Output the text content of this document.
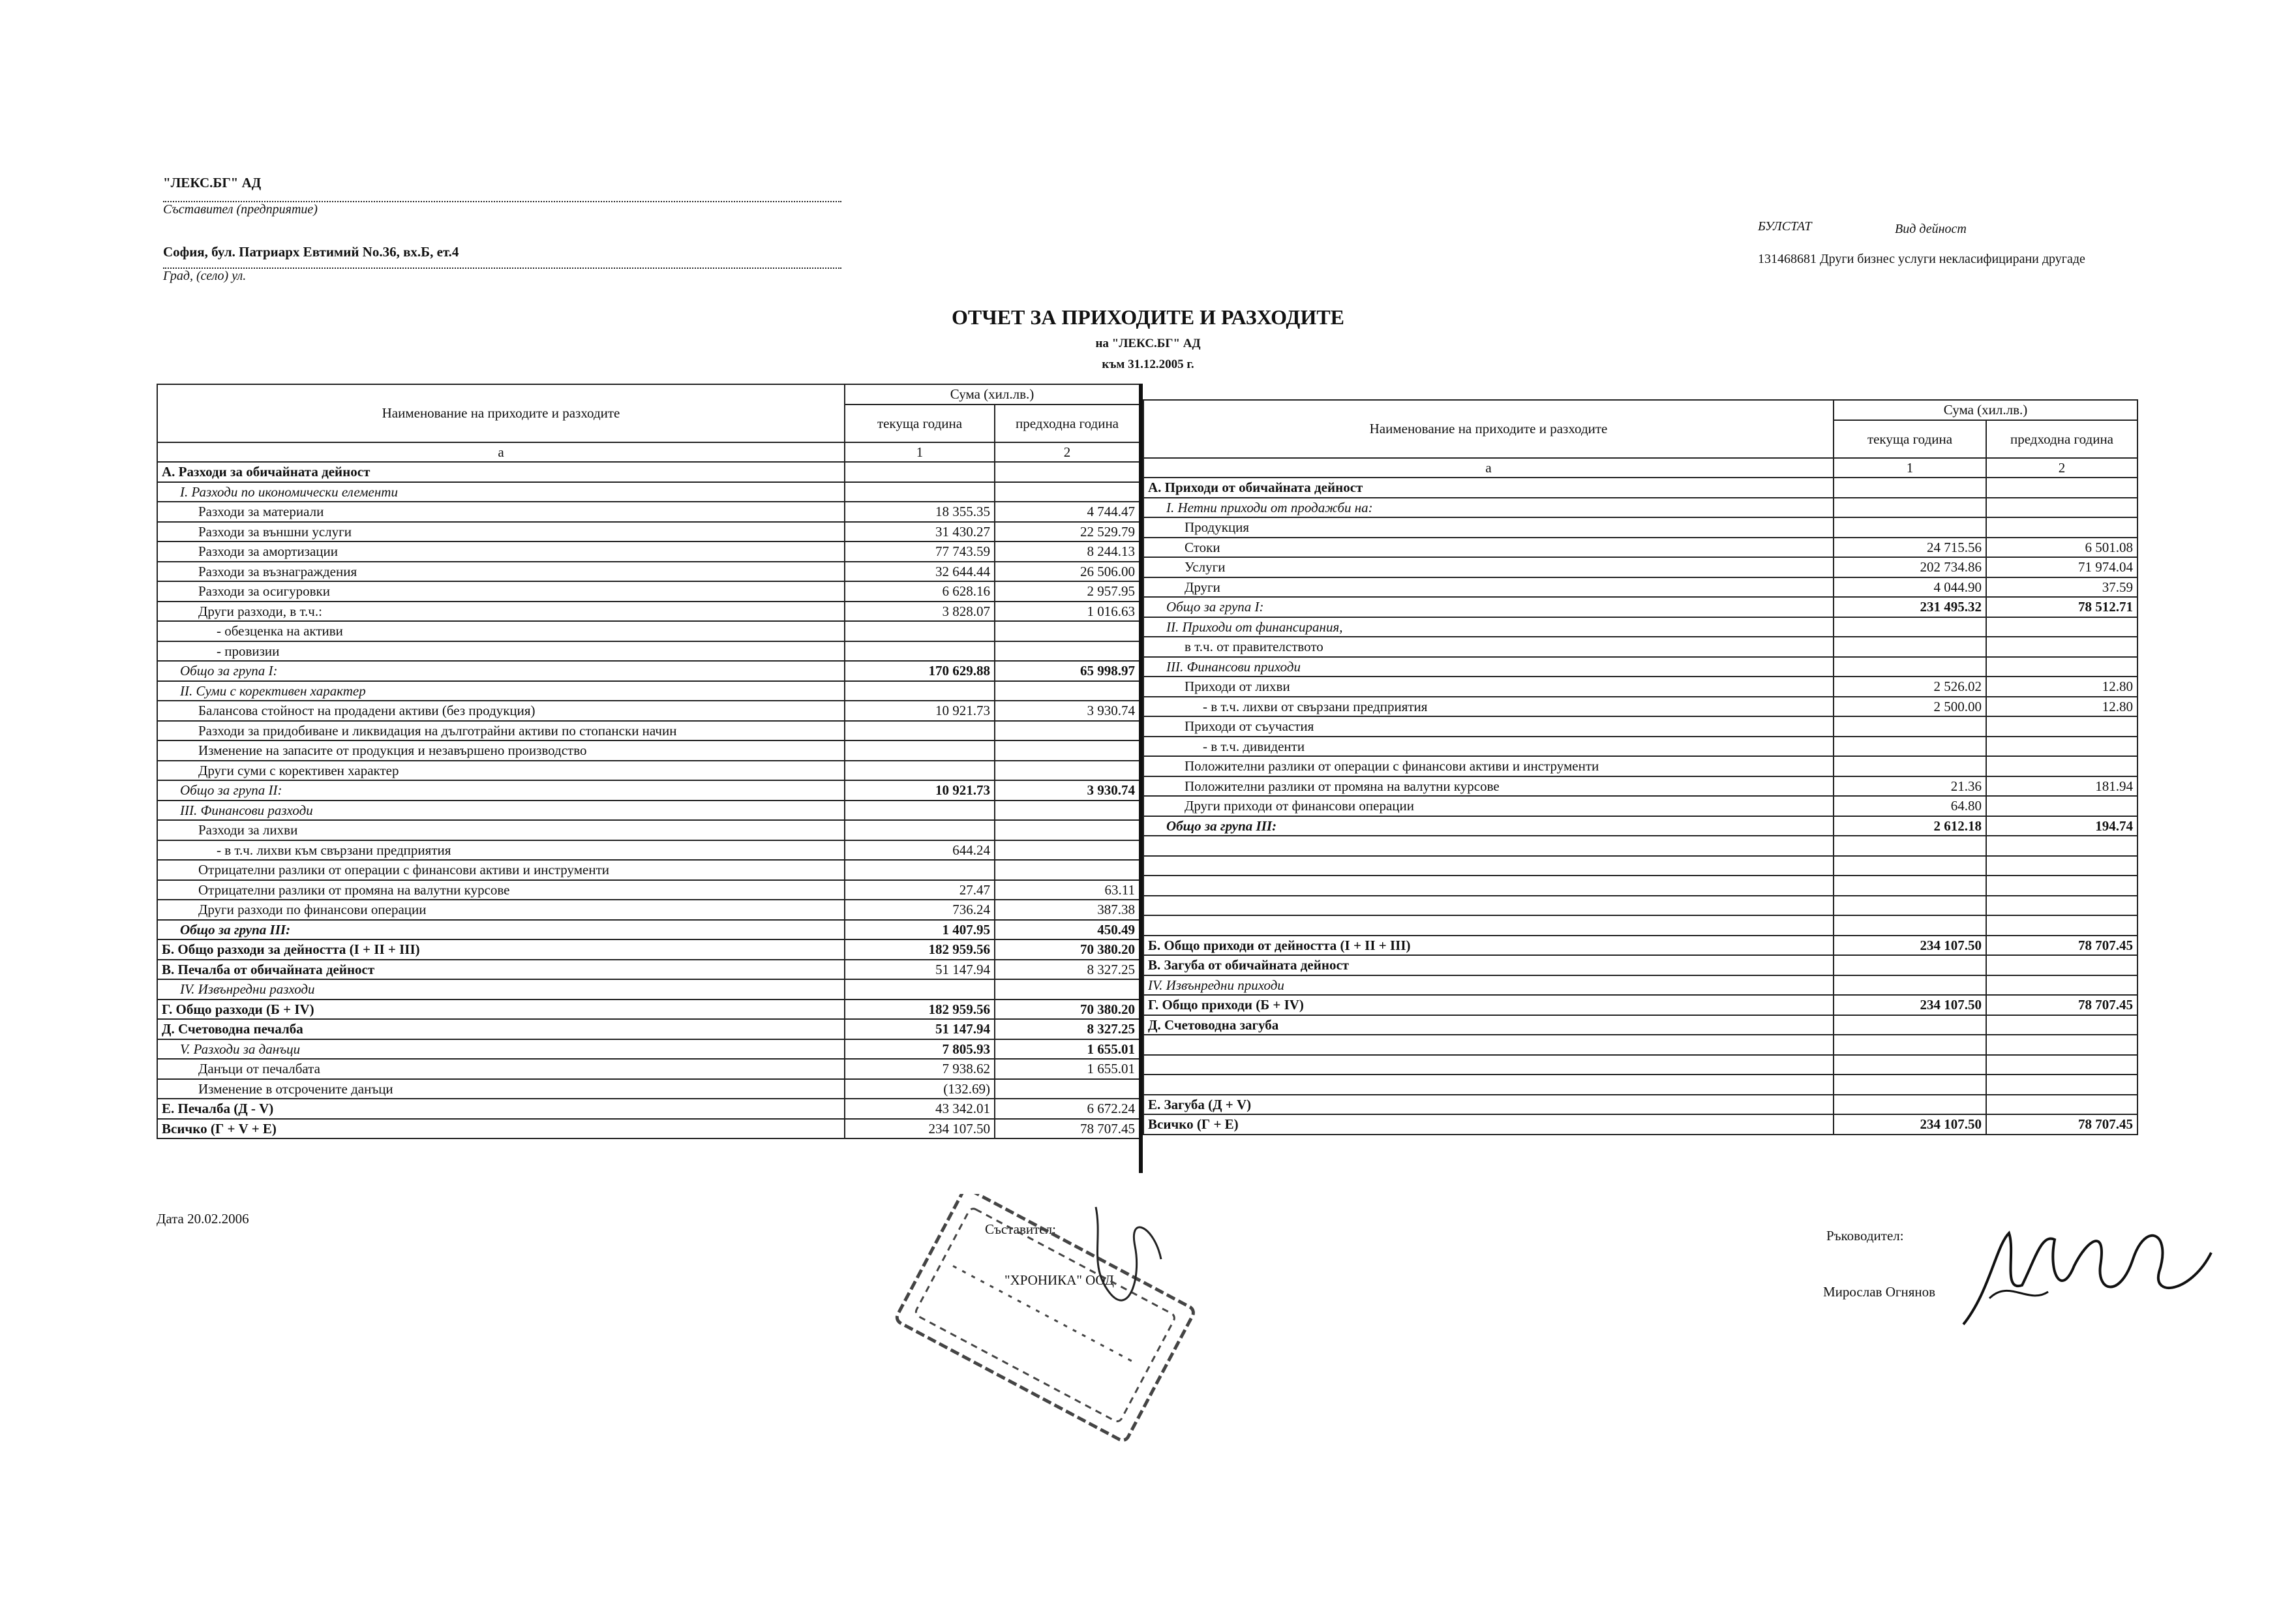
"ЛЕКС.БГ" АД
Съставител (предприятие)
София, бул. Патриарх Евтимий No.36, вх.Б, ет.4
Град, (село) ул.
БУЛСТАТ	Вид дейност
131468681 Други бизнес услуги некласифицирани другаде
ОТЧЕТ ЗА ПРИХОДИТЕ И РАЗХОДИТЕ
на "ЛЕКС.БГ" АД
към 31.12.2005 г.
Наименование на приходите и разходите	Сума (хил.лв.)	
	текуща година	предходна година
а	1	2
А. Разходи за обичайната дейност		
I. Разходи по икономически елементи		
Разходи за материали	18 355.35	4 744.47
Разходи за външни услуги	31 430.27	22 529.79
Разходи за амортизации	77 743.59	8 244.13
Разходи за възнаграждения	32 644.44	26 506.00
Разходи за осигуровки	6 628.16	2 957.95
Други разходи, в т.ч.:	3 828.07	1 016.63
- обезценка на активи		
- провизии		
Общо за група I:	170 629.88	65 998.97
II. Суми с корективен характер		
Балансова стойност на продадени активи (без продукция)	10 921.73	3 930.74
Разходи за придобиване и ликвидация на дълготрайни активи по стопански начин		
Изменение на запасите от продукция и незавършено производство		
Други суми с корективен характер		
Общо за група II:	10 921.73	3 930.74
III. Финансови разходи		
Разходи за лихви		
- в т.ч. лихви към свързани предприятия	644.24	
Отрицателни разлики от операции с финансови активи и инструменти		
Отрицателни разлики от промяна на валутни курсове	27.47	63.11
Други разходи по финансови операции	736.24	387.38
Общо за група III:	1 407.95	450.49
Б. Общо разходи за дейността (I + II + III)	182 959.56	70 380.20
В. Печалба от обичайната дейност	51 147.94	8 327.25
IV. Извънредни разходи		
Г. Общо разходи (Б + IV)	182 959.56	70 380.20
Д. Счетоводна печалба	51 147.94	8 327.25
V. Разходи за данъци	7 805.93	1 655.01
Данъци от печалбата	7 938.62	1 655.01
Изменение в отсрочените данъци	(132.69)	
Е. Печалба (Д - V)	43 342.01	6 672.24
Всичко (Г + V + Е)	234 107.50	78 707.45
Наименование на приходите и разходите	Сума (хил.лв.)	
	текуща година	предходна година
а	1	2
А. Приходи от обичайната дейност		
I. Нетни приходи от продажби на:		
Продукция		
Стоки	24 715.56	6 501.08
Услуги	202 734.86	71 974.04
Други	4 044.90	37.59
Общо за група I:	231 495.32	78 512.71
II. Приходи от финансирания,		
в т.ч. от правителството		
III. Финансови приходи		
Приходи от лихви	2 526.02	12.80
- в т.ч. лихви от свързани предприятия	2 500.00	12.80
Приходи от съучастия		
- в т.ч. дивиденти		
Положителни разлики от операции с финансови активи и инструменти		
Положителни разлики от промяна на валутни курсове	21.36	181.94
Други приходи от финансови операции	64.80	
Общо за група III:	2 612.18	194.74

Б. Общо приходи от дейността (I + II + III)	234 107.50	78 707.45
В. Загуба от обичайната дейност		
IV. Извънредни приходи		
Г. Общо приходи (Б + IV)	234 107.50	78 707.45
Д. Счетоводна загуба		

Е. Загуба (Д + V)		
Всичко (Г + Е)	234 107.50	78 707.45
Дата 20.02.2006
Съставител:
"ХРОНИКА" ООД
Ръководител:
Мирослав Огнянов
